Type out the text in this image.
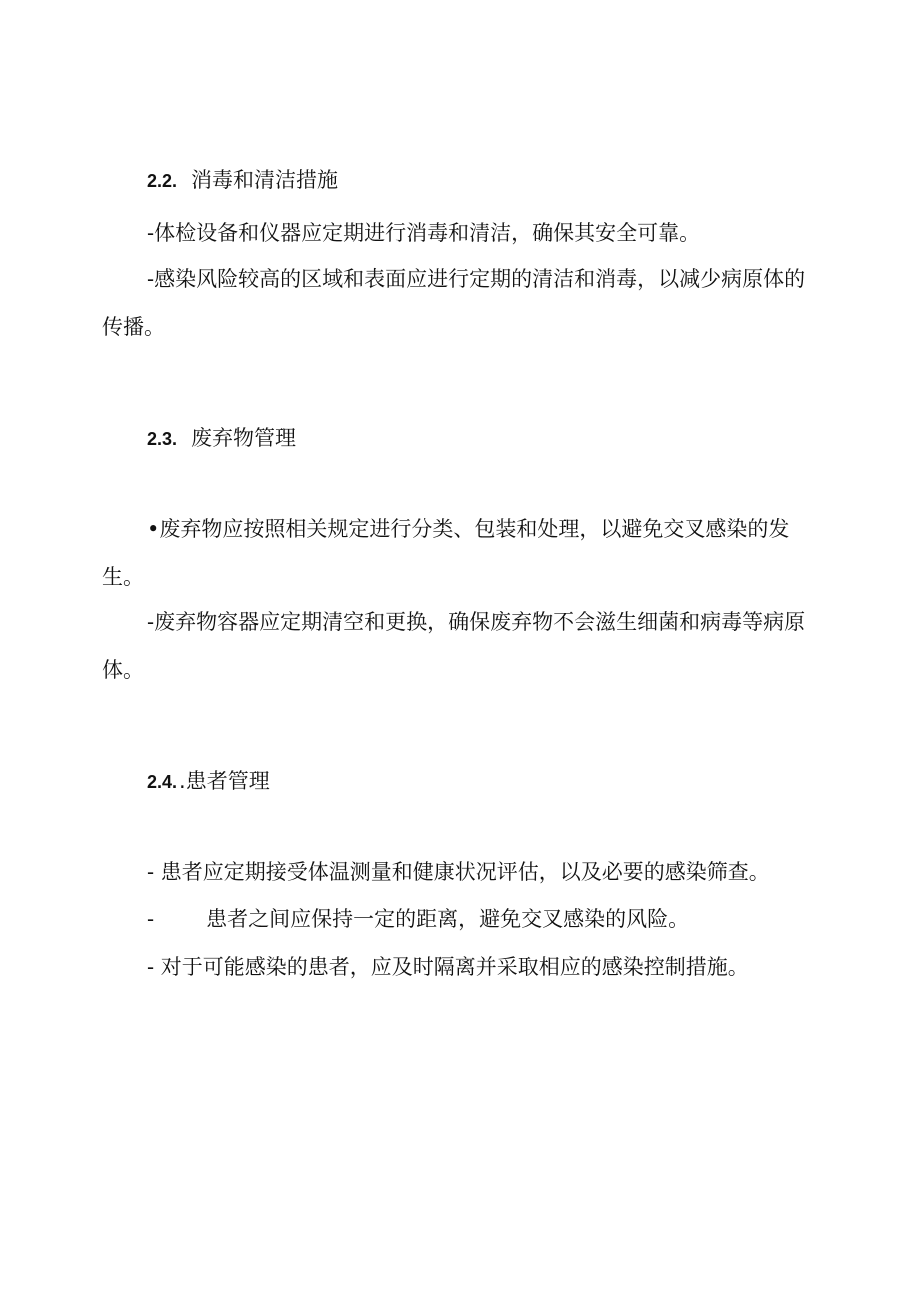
2.2. 消毒和清洁措施

-体检设备和仪器应定期进行消毒和清洁，确保其安全可靠。

-感染风险较高的区域和表面应进行定期的清洁和消毒，以减少病原体的传播。

2.3. 废弃物管理

•废弃物应按照相关规定进行分类、包装和处理，以避免交叉感染的发生。

-废弃物容器应定期清空和更换，确保废弃物不会滋生细菌和病毒等病原体。

2.4..患者管理

- 患者应定期接受体温测量和健康状况评估，以及必要的感染筛查。

- 患者之间应保持一定的距离，避免交叉感染的风险。

- 对于可能感染的患者，应及时隔离并采取相应的感染控制措施。
